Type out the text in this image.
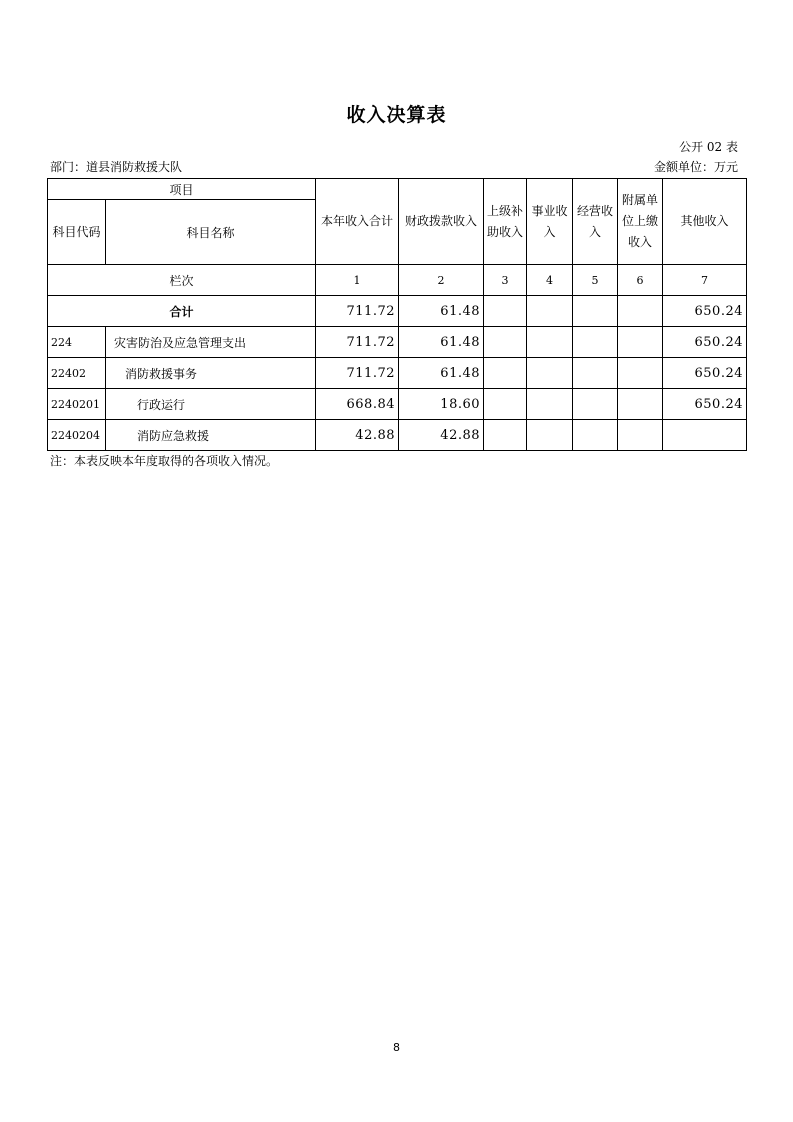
收入决算表
公开 02 表
部门：道县消防救援大队	金额单位：万元
项目		本年收入合计	财政拨款收入	上级补助收入	事业收入	经营收入	附属单位上缴收入	其他收入
科目代码	科目名称							

栏次		1	2	3	4	5	6	7
合计		711.72	61.48					650.24
224	灾害防治及应急管理支出	711.72	61.48					650.24
22402	消防救援事务	711.72	61.48					650.24
2240201	行政运行	668.84	18.60					650.24
2240204	消防应急救援	42.88	42.88					
注：本表反映本年度取得的各项收入情况。
8
